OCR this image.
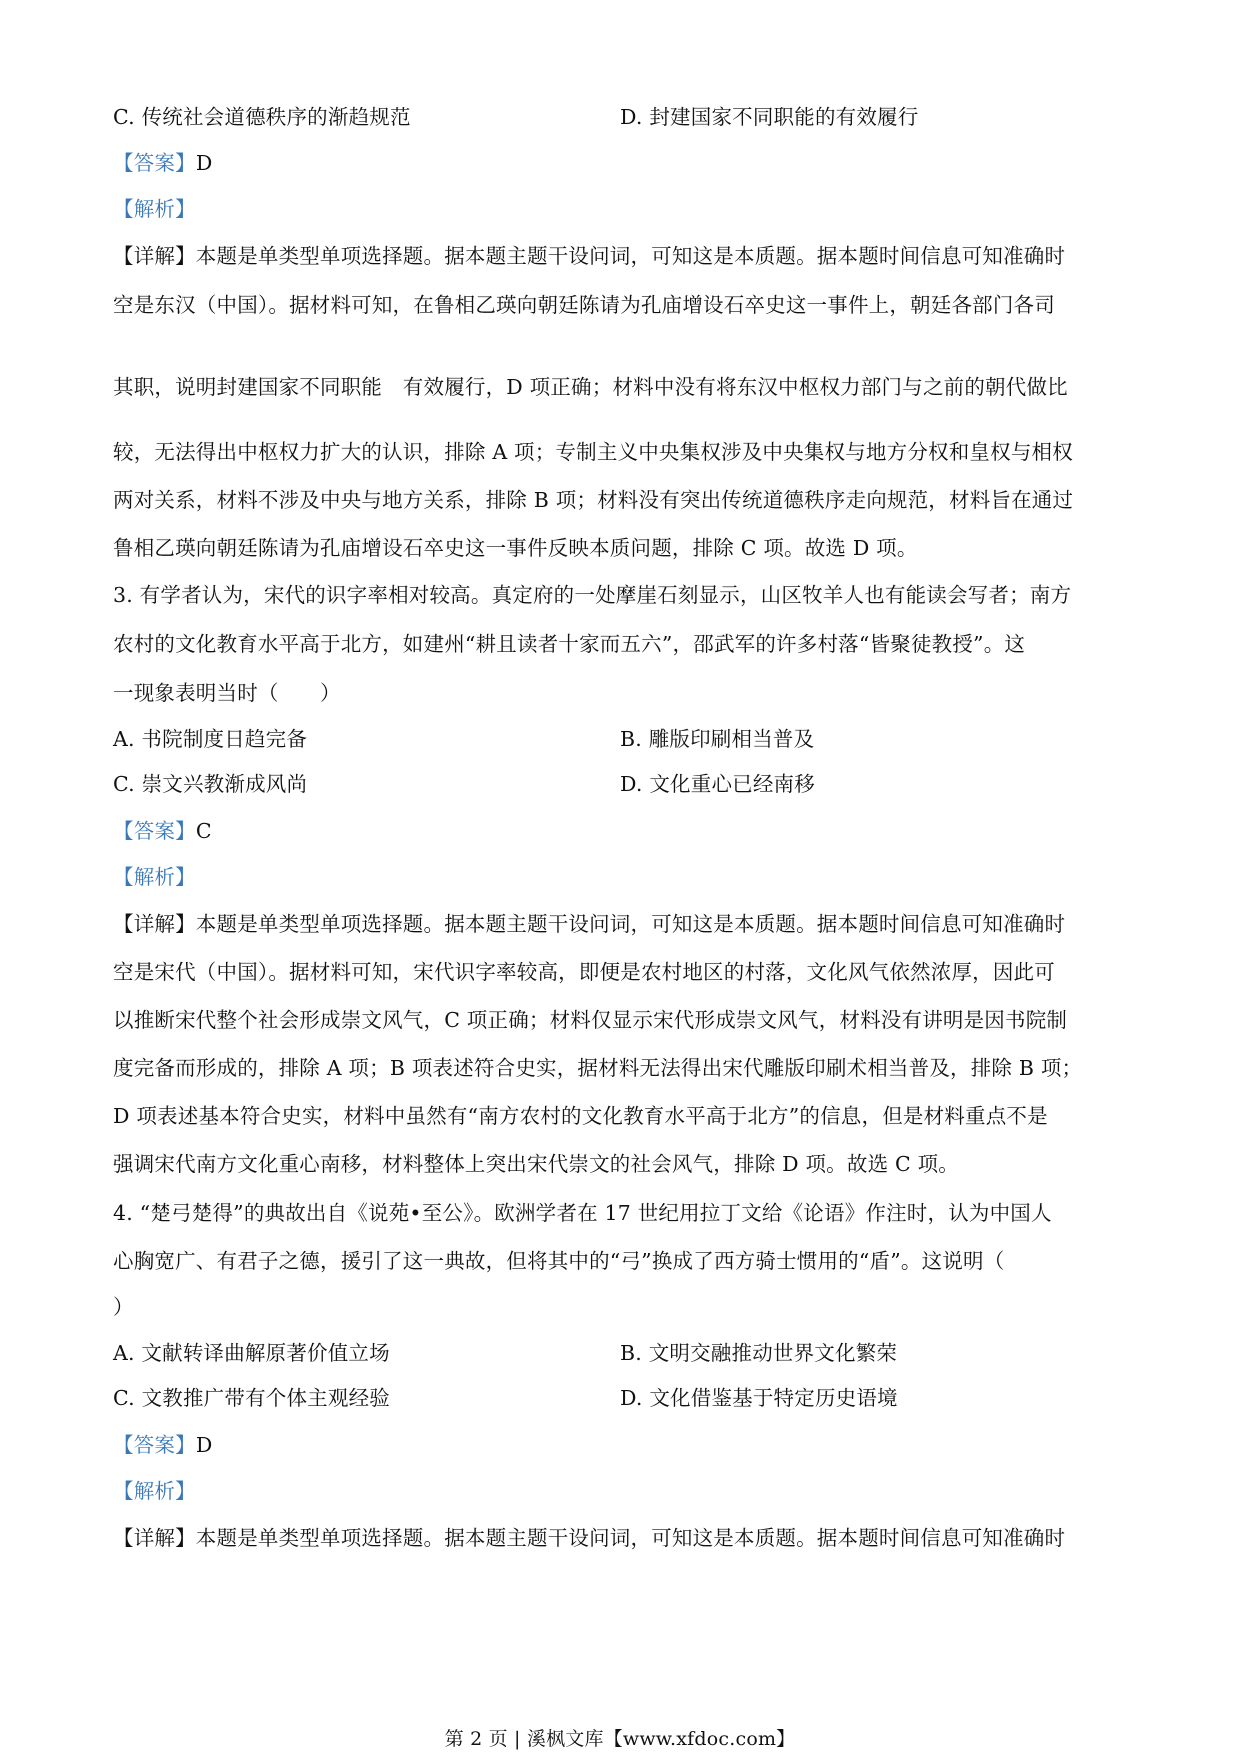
C. 传统社会道德秩序的渐趋规范	D. 封建国家不同职能的有效履行
【答案】D
【解析】
【详解】本题是单类型单项选择题。据本题主题干设问词，可知这是本质题。据本题时间信息可知准确时
空是东汉（中国）。据材料可知，在鲁相乙瑛向朝廷陈请为孔庙增设石卒史这一事件上，朝廷各部门各司
其职，说明封建国家不同职能　有效履行，D 项正确；材料中没有将东汉中枢权力部门与之前的朝代做比
较，无法得出中枢权力扩大的认识，排除 A 项；专制主义中央集权涉及中央集权与地方分权和皇权与相权
两对关系，材料不涉及中央与地方关系，排除 B 项；材料没有突出传统道德秩序走向规范，材料旨在通过
鲁相乙瑛向朝廷陈请为孔庙增设石卒史这一事件反映本质问题，排除 C 项。故选 D 项。
3. 有学者认为，宋代的识字率相对较高。真定府的一处摩崖石刻显示，山区牧羊人也有能读会写者；南方
农村的文化教育水平高于北方，如建州“耕且读者十家而五六”，邵武军的许多村落“皆聚徒教授”。这
一现象表明当时（　　）
A. 书院制度日趋完备	B. 雕版印刷相当普及
C. 崇文兴教渐成风尚	D. 文化重心已经南移
【答案】C
【解析】
【详解】本题是单类型单项选择题。据本题主题干设问词，可知这是本质题。据本题时间信息可知准确时
空是宋代（中国）。据材料可知，宋代识字率较高，即便是农村地区的村落，文化风气依然浓厚，因此可
以推断宋代整个社会形成崇文风气，C 项正确；材料仅显示宋代形成崇文风气，材料没有讲明是因书院制
度完备而形成的，排除 A 项；B 项表述符合史实，据材料无法得出宋代雕版印刷术相当普及，排除 B 项；
D 项表述基本符合史实，材料中虽然有“南方农村的文化教育水平高于北方”的信息，但是材料重点不是
强调宋代南方文化重心南移，材料整体上突出宋代崇文的社会风气，排除 D 项。故选 C 项。
4. “楚弓楚得”的典故出自《说苑•至公》。欧洲学者在 17 世纪用拉丁文给《论语》作注时，认为中国人
心胸宽广、有君子之德，援引了这一典故，但将其中的“弓”换成了西方骑士惯用的“盾”。这说明（
）
A. 文献转译曲解原著价值立场	B. 文明交融推动世界文化繁荣
C. 文教推广带有个体主观经验	D. 文化借鉴基于特定历史语境
【答案】D
【解析】
【详解】本题是单类型单项选择题。据本题主题干设问词，可知这是本质题。据本题时间信息可知准确时
第 2 页 | 溪枫文库【www.xfdoc.com】
